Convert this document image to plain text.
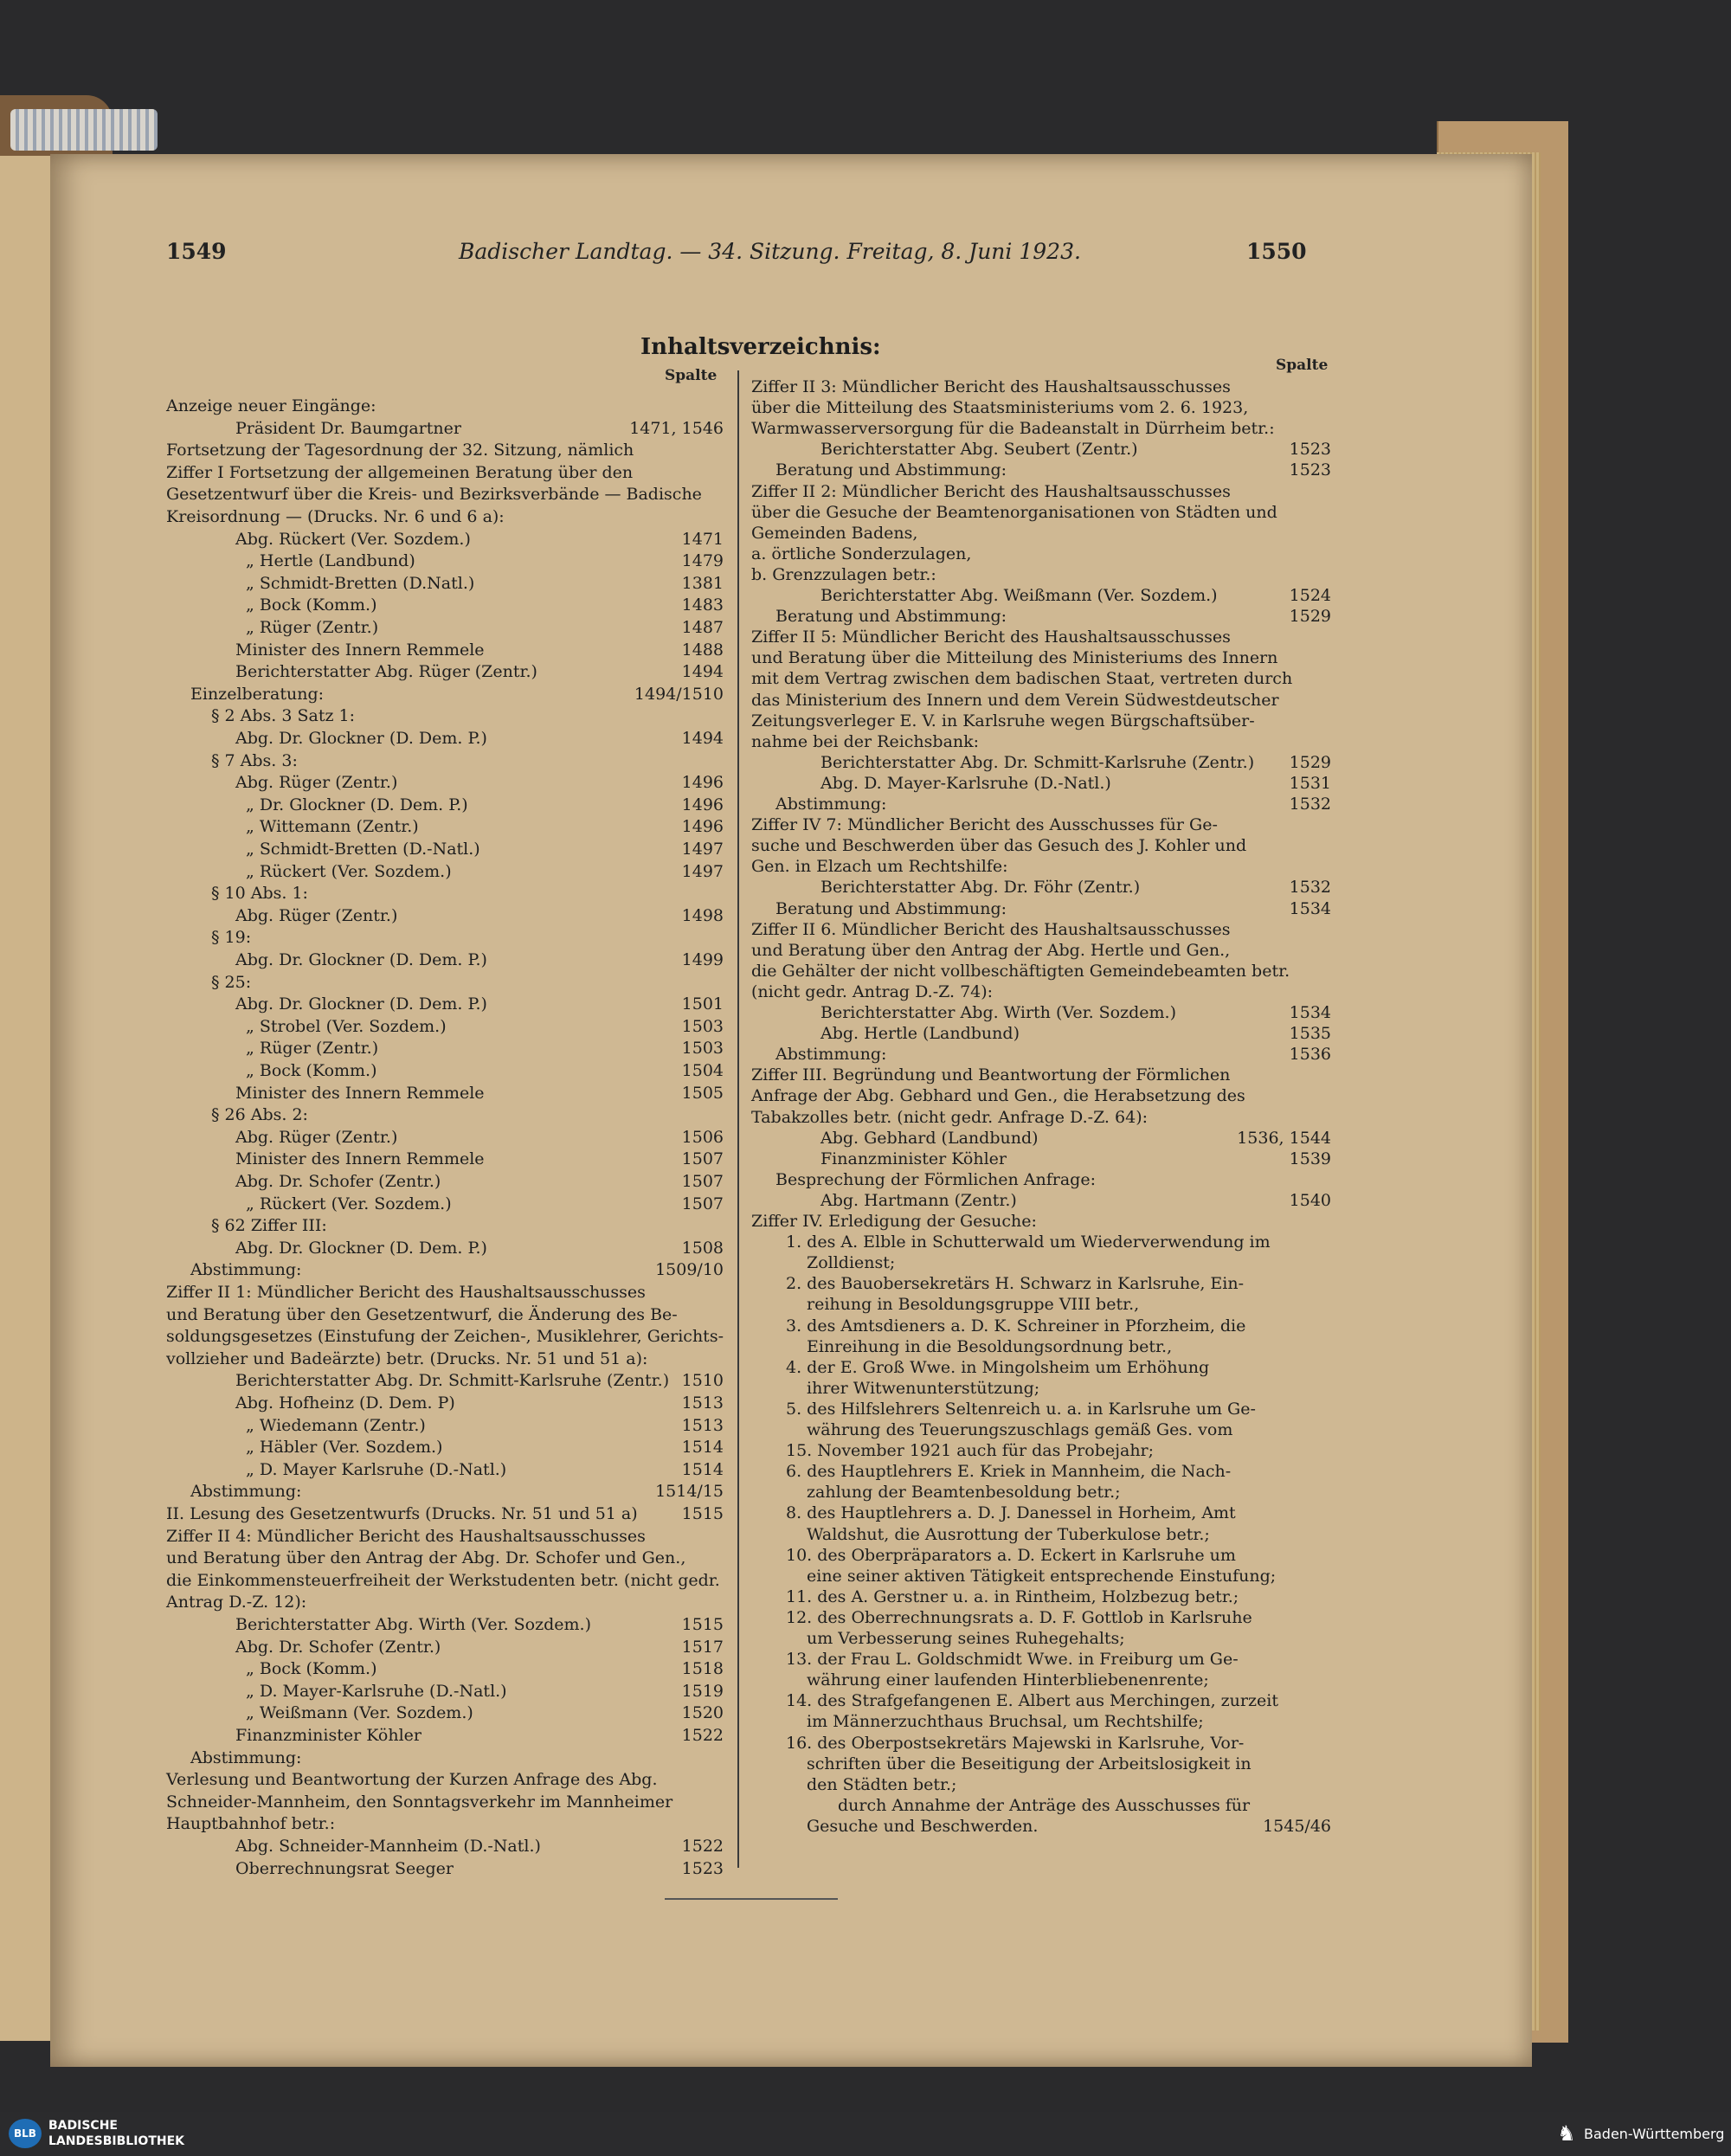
1549	Badischer Landtag. — 34. Sitzung. Freitag, 8. Juni 1923.	1550
Inhaltsverzeichnis:
Spalte
Spalte
Anzeige neuer Eingänge:
Präsident Dr. Baumgartner	1471, 1546
Fortsetzung der Tagesordnung der 32. Sitzung, nämlich
Ziffer I Fortsetzung der allgemeinen Beratung über den
Gesetzentwurf über die Kreis- und Bezirksverbände — Badische
Kreisordnung — (Drucks. Nr. 6 und 6 a):
Abg. Rückert (Ver. Sozdem.)	1471
„ Hertle (Landbund)	1479
„ Schmidt-Bretten (D.Natl.)	1381
„ Bock (Komm.)	1483
„ Rüger (Zentr.)	1487
Minister des Innern Remmele	1488
Berichterstatter Abg. Rüger (Zentr.)	1494
Einzelberatung:	1494/1510
§ 2 Abs. 3 Satz 1:
Abg. Dr. Glockner (D. Dem. P.)	1494
§ 7 Abs. 3:
Abg. Rüger (Zentr.)	1496
„ Dr. Glockner (D. Dem. P.)	1496
„ Wittemann (Zentr.)	1496
„ Schmidt-Bretten (D.-Natl.)	1497
„ Rückert (Ver. Sozdem.)	1497
§ 10 Abs. 1:
Abg. Rüger (Zentr.)	1498
§ 19:
Abg. Dr. Glockner (D. Dem. P.)	1499
§ 25:
Abg. Dr. Glockner (D. Dem. P.)	1501
„ Strobel (Ver. Sozdem.)	1503
„ Rüger (Zentr.)	1503
„ Bock (Komm.)	1504
Minister des Innern Remmele	1505
§ 26 Abs. 2:
Abg. Rüger (Zentr.)	1506
Minister des Innern Remmele	1507
Abg. Dr. Schofer (Zentr.)	1507
„ Rückert (Ver. Sozdem.)	1507
§ 62 Ziffer III:
Abg. Dr. Glockner (D. Dem. P.)	1508
Abstimmung:	1509/10
Ziffer II 1: Mündlicher Bericht des Haushaltsausschusses
und Beratung über den Gesetzentwurf, die Änderung des Be-
soldungsgesetzes (Einstufung der Zeichen-, Musiklehrer, Gerichts-
vollzieher und Badeärzte) betr. (Drucks. Nr. 51 und 51 a):
Berichterstatter Abg. Dr. Schmitt-Karlsruhe (Zentr.) 1510
Abg. Hofheinz (D. Dem. P)	1513
„ Wiedemann (Zentr.)	1513
„ Häbler (Ver. Sozdem.)	1514
„ D. Mayer Karlsruhe (D.-Natl.)	1514
Abstimmung:	1514/15
II. Lesung des Gesetzentwurfs (Drucks. Nr. 51 und 51 a)	1515
Ziffer II 4: Mündlicher Bericht des Haushaltsausschusses
und Beratung über den Antrag der Abg. Dr. Schofer und Gen.,
die Einkommensteuerfreiheit der Werkstudenten betr. (nicht gedr.
Antrag D.-Z. 12):
Berichterstatter Abg. Wirth (Ver. Sozdem.)	1515
Abg. Dr. Schofer (Zentr.)	1517
„ Bock (Komm.)	1518
„ D. Mayer-Karlsruhe (D.-Natl.)	1519
„ Weißmann (Ver. Sozdem.)	1520
Finanzminister Köhler	1522
Abstimmung:
Verlesung und Beantwortung der Kurzen Anfrage des Abg.
Schneider-Mannheim, den Sonntagsverkehr im Mannheimer
Hauptbahnhof betr.:
Abg. Schneider-Mannheim (D.-Natl.)	1522
Oberrechnungsrat Seeger	1523
Ziffer II 3: Mündlicher Bericht des Haushaltsausschusses
über die Mitteilung des Staatsministeriums vom 2. 6. 1923,
Warmwasserversorgung für die Badeanstalt in Dürrheim betr.:
Berichterstatter Abg. Seubert (Zentr.)	1523
Beratung und Abstimmung:	1523
Ziffer II 2: Mündlicher Bericht des Haushaltsausschusses
über die Gesuche der Beamtenorganisationen von Städten und
Gemeinden Badens,
a. örtliche Sonderzulagen,
b. Grenzzulagen betr.:
Berichterstatter Abg. Weißmann (Ver. Sozdem.)	1524
Beratung und Abstimmung:	1529
Ziffer II 5: Mündlicher Bericht des Haushaltsausschusses
und Beratung über die Mitteilung des Ministeriums des Innern
mit dem Vertrag zwischen dem badischen Staat, vertreten durch
das Ministerium des Innern und dem Verein Südwestdeutscher
Zeitungsverleger E. V. in Karlsruhe wegen Bürgschaftsüber-
nahme bei der Reichsbank:
Berichterstatter Abg. Dr. Schmitt-Karlsruhe (Zentr.)	1529
Abg. D. Mayer-Karlsruhe (D.-Natl.)	1531
Abstimmung:	1532
Ziffer IV 7: Mündlicher Bericht des Ausschusses für Ge-
suche und Beschwerden über das Gesuch des J. Kohler und
Gen. in Elzach um Rechtshilfe:
Berichterstatter Abg. Dr. Föhr (Zentr.)	1532
Beratung und Abstimmung:	1534
Ziffer II 6. Mündlicher Bericht des Haushaltsausschusses
und Beratung über den Antrag der Abg. Hertle und Gen.,
die Gehälter der nicht vollbeschäftigten Gemeindebeamten betr.
(nicht gedr. Antrag D.-Z. 74):
Berichterstatter Abg. Wirth (Ver. Sozdem.)	1534
Abg. Hertle (Landbund)	1535
Abstimmung:	1536
Ziffer III. Begründung und Beantwortung der Förmlichen
Anfrage der Abg. Gebhard und Gen., die Herabsetzung des
Tabakzolles betr. (nicht gedr. Anfrage D.-Z. 64):
Abg. Gebhard (Landbund)	1536, 1544
Finanzminister Köhler	1539
Besprechung der Förmlichen Anfrage:
Abg. Hartmann (Zentr.)	1540
Ziffer IV. Erledigung der Gesuche:
1. des A. Elble in Schutterwald um Wiederverwendung im
Zolldienst;
2. des Bauobersekretärs H. Schwarz in Karlsruhe, Ein-
reihung in Besoldungsgruppe VIII betr.,
3. des Amtsdieners a. D. K. Schreiner in Pforzheim, die
Einreihung in die Besoldungsordnung betr.,
4. der E. Groß Wwe. in Mingolsheim um Erhöhung
ihrer Witwenunterstützung;
5. des Hilfslehrers Seltenreich u. a. in Karlsruhe um Ge-
währung des Teuerungszuschlags gemäß Ges. vom
15. November 1921 auch für das Probejahr;
6. des Hauptlehrers E. Kriek in Mannheim, die Nach-
zahlung der Beamtenbesoldung betr.;
8. des Hauptlehrers a. D. J. Danessel in Horheim, Amt
Waldshut, die Ausrottung der Tuberkulose betr.;
10. des Oberpräparators a. D. Eckert in Karlsruhe um
eine seiner aktiven Tätigkeit entsprechende Einstufung;
11. des A. Gerstner u. a. in Rintheim, Holzbezug betr.;
12. des Oberrechnungsrats a. D. F. Gottlob in Karlsruhe
um Verbesserung seines Ruhegehalts;
13. der Frau L. Goldschmidt Wwe. in Freiburg um Ge-
währung einer laufenden Hinterbliebenenrente;
14. des Strafgefangenen E. Albert aus Merchingen, zurzeit
im Männerzuchthaus Bruchsal, um Rechtshilfe;
16. des Oberpostsekretärs Majewski in Karlsruhe, Vor-
schriften über die Beseitigung der Arbeitslosigkeit in
den Städten betr.;
durch Annahme der Anträge des Ausschusses für
Gesuche und Beschwerden.	1545/46
BLB
BADISCHE
LANDESBIBLIOTHEK	♞ Baden-Württemberg
